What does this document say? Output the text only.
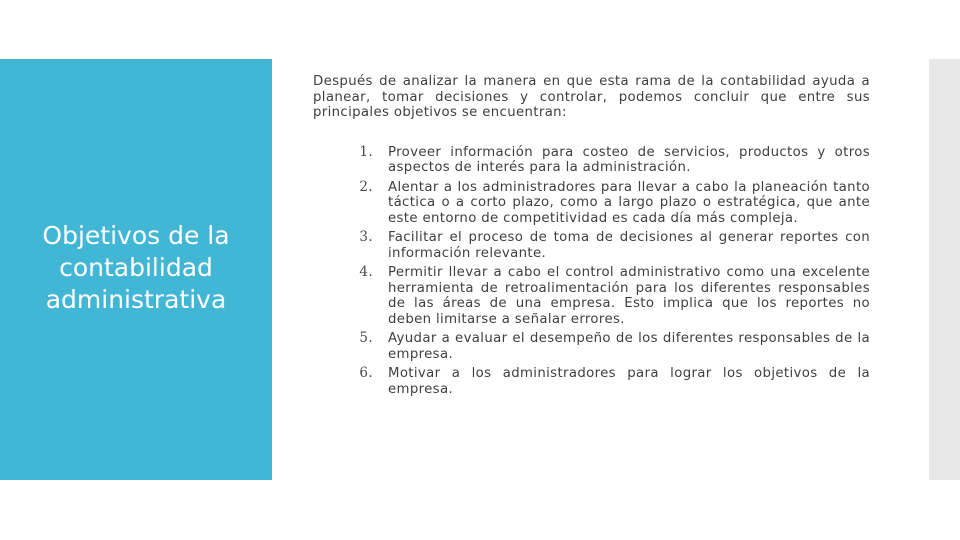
Objetivos de la contabilidad administrativa

Después de analizar la manera en que esta rama de la contabilidad ayuda a planear, tomar decisiones y controlar, podemos concluir que entre sus principales objetivos se encuentran:

1. Proveer información para costeo de servicios, productos y otros aspectos de interés para la administración.
2. Alentar a los administradores para llevar a cabo la planeación tanto táctica o a corto plazo, como a largo plazo o estratégica, que ante este entorno de competitividad es cada día más compleja.
3. Facilitar el proceso de toma de decisiones al generar reportes con información relevante.
4. Permitir llevar a cabo el control administrativo como una excelente herramienta de retroalimentación para los diferentes responsables de las áreas de una empresa. Esto implica que los reportes no deben limitarse a señalar errores.
5. Ayudar a evaluar el desempeño de los diferentes responsables de la empresa.
6. Motivar a los administradores para lograr los objetivos de la empresa.
